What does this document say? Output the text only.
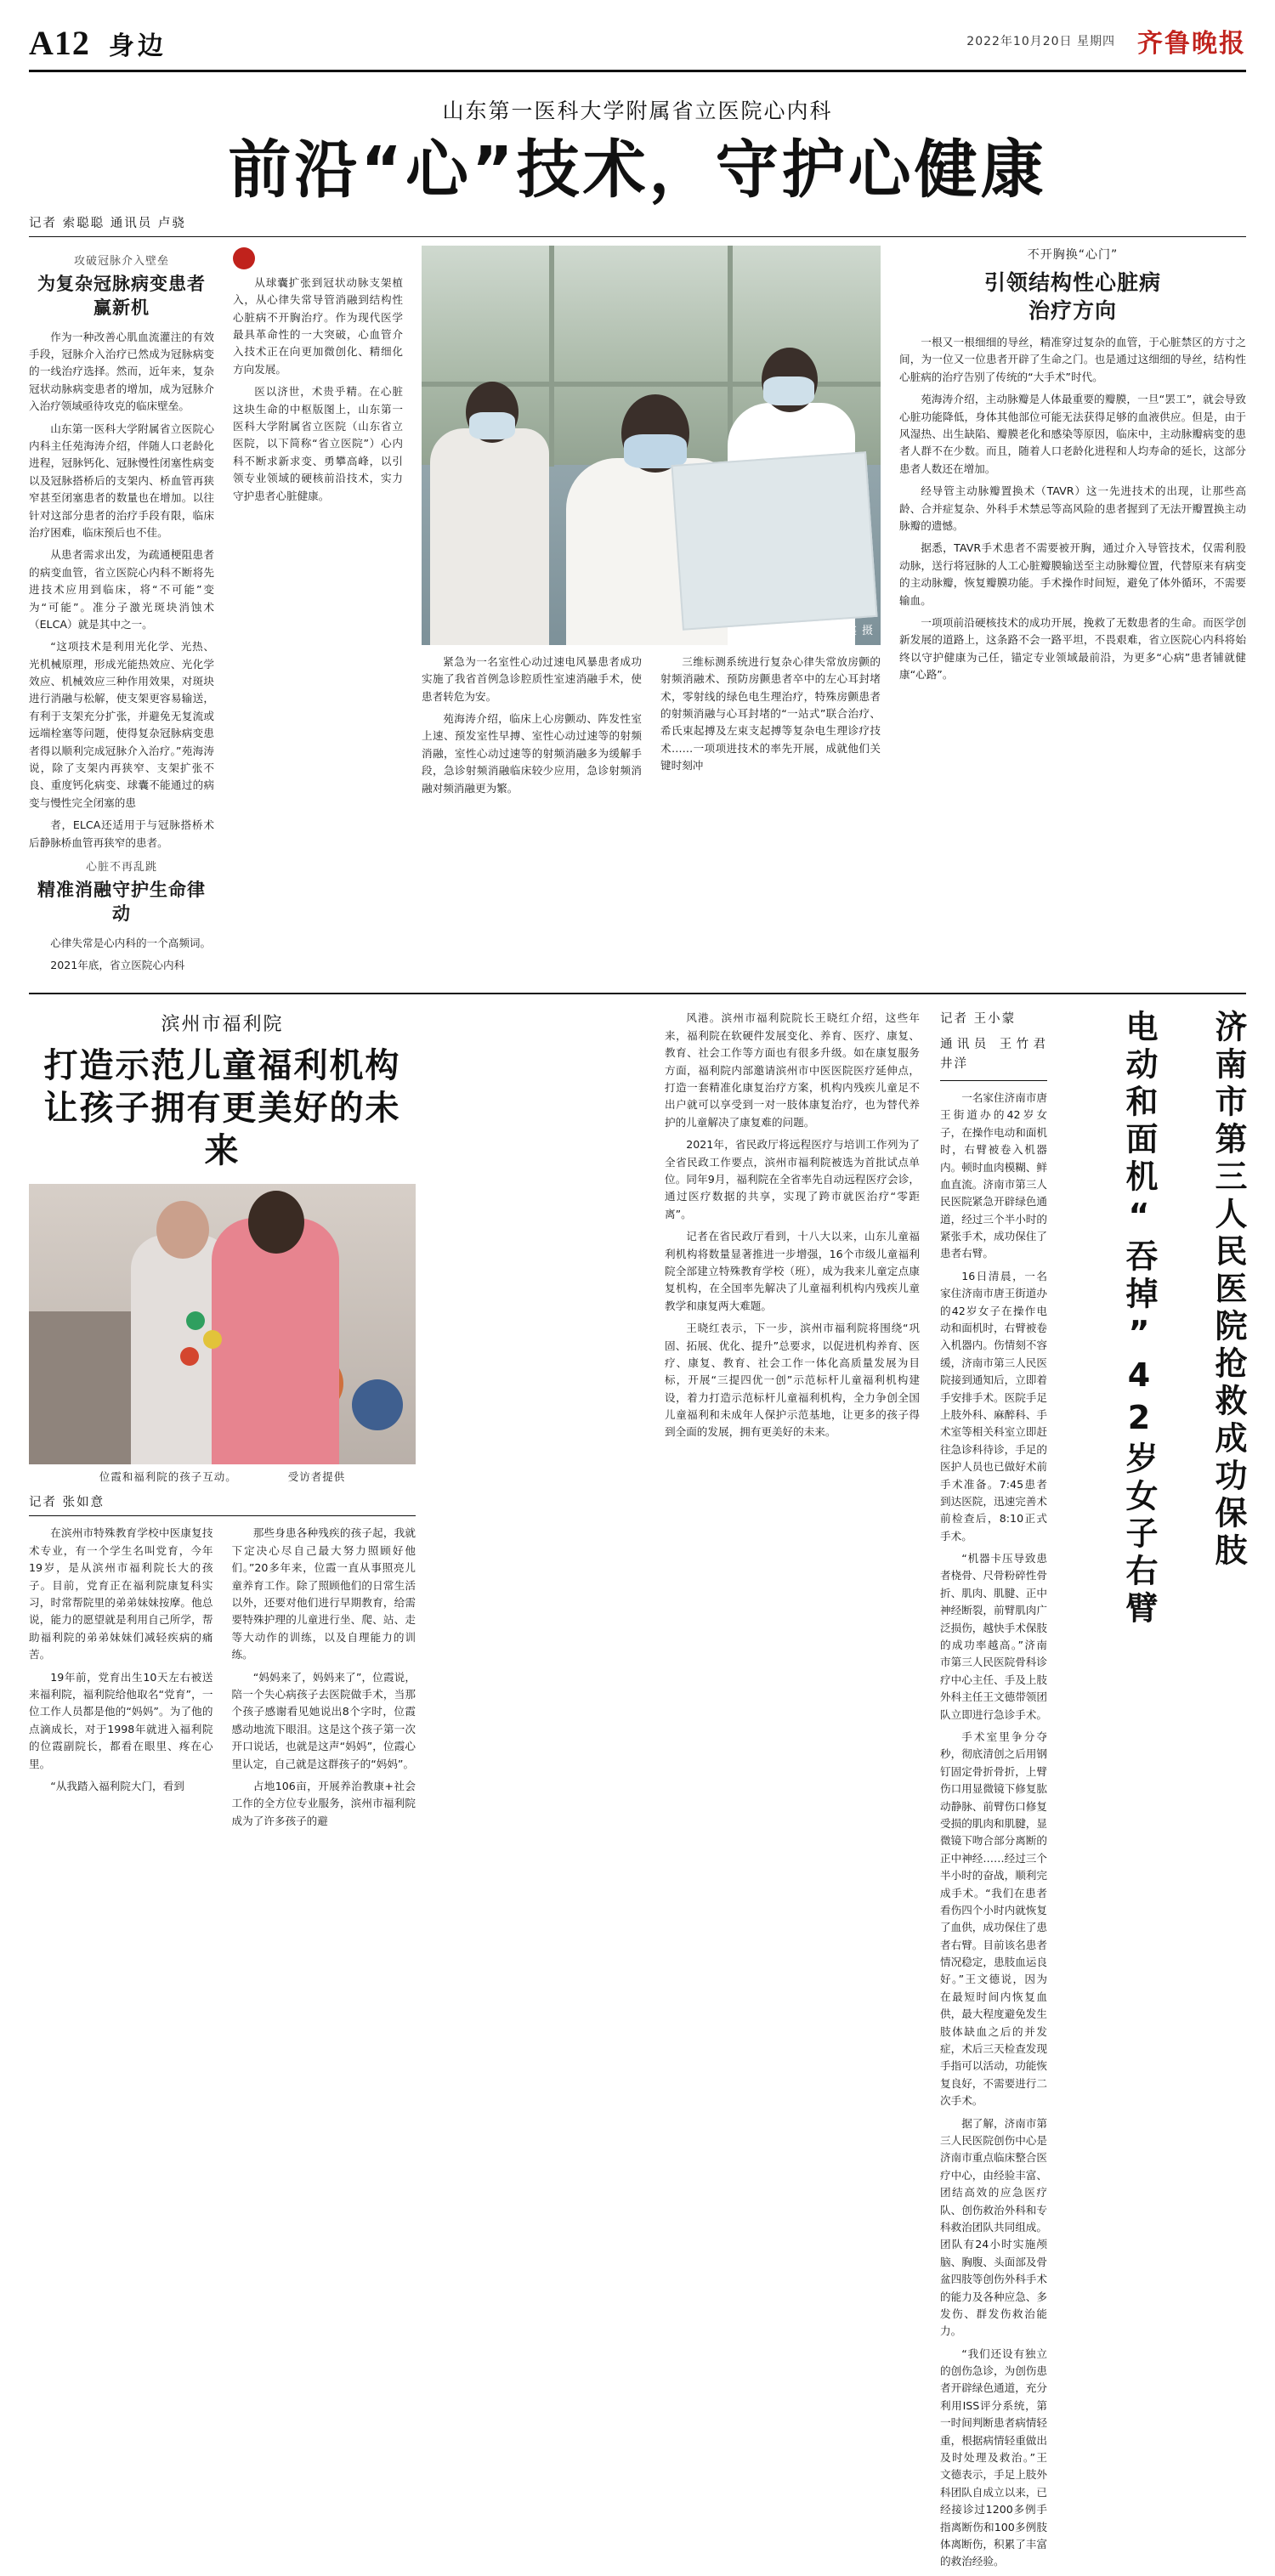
A12 身边	2022年10月20日 星期四 齐鲁晚报
山东第一医科大学附属省立医院心内科
前沿“心”技术，守护心健康
记者 索聪聪 通讯员 卢骁
攻破冠脉介入壁垒
为复杂冠脉病变患者
赢新机

作为一种改善心肌血流灌注的有效手段，冠脉介入治疗已然成为冠脉病变的一线治疗选择。然而，近年来，复杂冠状动脉病变患者的增加，成为冠脉介入治疗领域亟待攻克的临床壁垒。

山东第一医科大学附属省立医院心内科主任苑海涛介绍，伴随人口老龄化进程，冠脉钙化、冠脉慢性闭塞性病变以及冠脉搭桥后的支架内、桥血管再狭窄甚至闭塞患者的数量也在增加。以往针对这部分患者的治疗手段有限，临床治疗困难，临床预后也不佳。

从患者需求出发，为疏通梗阻患者的病变血管，省立医院心内科不断将先进技术应用到临床，将“不可能”变为“可能”。准分子激光斑块消蚀术（ELCA）就是其中之一。

“这项技术是利用光化学、光热、光机械原理，形成光能热效应、光化学效应、机械效应三种作用效果，对斑块进行消融与松解，使支架更容易输送，有利于支架充分扩张，并避免无复流或远端栓塞等问题，使得复杂冠脉病变患者得以顺利完成冠脉介入治疗。”苑海涛说，除了支架内再狭窄、支架扩张不良、重度钙化病变、球囊不能通过的病变与慢性完全闭塞的患

者，ELCA还适用于与冠脉搭桥术后静脉桥血管再狭窄的患者。

心脏不再乱跳
精准消融守护生命律动

心律失常是心内科的一个高频词。

2021年底，省立医院心内科

从球囊扩张到冠状动脉支架植入，从心律失常导管消融到结构性心脏病不开胸治疗。作为现代医学最具革命性的一大突破，心血管介入技术正在向更加微创化、精细化方向发展。

医以济世，术贵乎精。在心脏这块生命的中枢版图上，山东第一医科大学附属省立医院（山东省立医院，以下简称“省立医院”）心内科不断求新求变、勇攀高峰，以引领专业领域的硬核前沿技术，实力守护患者心脏健康。

记者 王鑫 摄

紧急为一名室性心动过速电风暴患者成功实施了我省首例急诊腔质性室速消融手术，使患者转危为安。

苑海涛介绍，临床上心房颤动、阵发性室上速、预发室性早搏、室性心动过速等的射频消融，室性心动过速等的射频消融多为缓解手段，急诊射频消融临床较少应用，急诊射频消融对频消融更为繁。

三维标测系统进行复杂心律失常放房颤的射频消融术、预防房颤患者卒中的左心耳封堵术，零射线的绿色电生理治疗，特殊房颤患者的射频消融与心耳封堵的“一站式”联合治疗、希氏束起搏及左束支起搏等复杂电生理诊疗技术……一项项进技术的率先开展，成就他们关键时刻冲

不开胸换“心门”
引领结构性心脏病
治疗方向

一根又一根细细的导丝，精准穿过复杂的血管，于心脏禁区的方寸之间，为一位又一位患者开辟了生命之门。也是通过这细细的导丝，结构性心脏病的治疗告别了传统的“大手术”时代。

苑海涛介绍，主动脉瓣是人体最重要的瓣膜，一旦“罢工”，就会导致心脏功能降低，身体其他部位可能无法获得足够的血液供应。但是，由于风湿热、出生缺陷、瓣膜老化和感染等原因，临床中，主动脉瓣病变的患者人群不在少数。而且，随着人口老龄化进程和人均寿命的延长，这部分患者人数还在增加。

经导管主动脉瓣置换术（TAVR）这一先进技术的出现，让那些高龄、合并症复杂、外科手术禁忌等高风险的患者握到了无法开瓣置换主动脉瓣的遗憾。

据悉，TAVR手术患者不需要被开胸，通过介入导管技术，仅需利股动脉，送行将冠脉的人工心脏瓣膜输送至主动脉瓣位置，代替原来有病变的主动脉瓣，恢复瓣膜功能。手术操作时间短，避免了体外循环，不需要输血。

一项项前沿硬核技术的成功开展，挽救了无数患者的生命。而医学创新发展的道路上，这条路不会一路平坦，不畏艰难，省立医院心内科将始终以守护健康为己任，锚定专业领域最前沿，为更多“心病”患者铺就健康“心路”。

滨州市福利院
打造示范儿童福利机构
让孩子拥有更美好的未来
位霞和福利院的孩子互动。	受访者提供
记者 张如意

在滨州市特殊教育学校中医康复技术专业，有一个学生名叫党育，今年19岁，是从滨州市福利院长大的孩子。目前，党育正在福利院康复科实习，时常帮院里的弟弟妹妹按摩。他总说，能力的愿望就是利用自己所学，帮助福利院的弟弟妹妹们减轻疾病的痛苦。

19年前，党育出生10天左右被送来福利院，福利院给他取名“党育”，一位工作人员都是他的“妈妈”。为了他的点滴成长，对于1998年就进入福利院的位霞副院长，都看在眼里、疼在心里。

“从我踏入福利院大门，看到

那些身患各种残疾的孩子起，我就下定决心尽自己最大努力照顾好他们。”20多年来，位霞一直从事照亮儿童养育工作。除了照顾他们的日常生活以外，还要对他们进行早期教育，给需要特殊护理的儿童进行坐、爬、站、走等大动作的训练，以及自理能力的训练。

“妈妈来了，妈妈来了”，位霞说，陪一个失心病孩子去医院做手术，当那个孩子感谢看见她说出8个字时，位霞感动地流下眼泪。这是这个孩子第一次开口说话，也就是这声“妈妈”，位霞心里认定，自己就是这群孩子的“妈妈”。

占地106亩，开展养治教康+社会工作的全方位专业服务，滨州市福利院成为了许多孩子的避

风港。滨州市福利院院长王晓红介绍，这些年来，福利院在软硬件发展变化、养育、医疗、康复、教育、社会工作等方面也有很多升级。如在康复服务方面，福利院内部邀请滨州市中医医院医疗延伸点，打造一套精准化康复治疗方案，机构内残疾儿童足不出户就可以享受到一对一肢体康复治疗，也为替代养护的儿童解决了康复难的问题。

2021年，省民政厅将远程医疗与培训工作列为了全省民政工作要点，滨州市福利院被选为首批试点单位。同年9月，福利院在全省率先自动远程医疗会诊，通过医疗数据的共享，实现了跨市就医治疗“零距离”。

记者在省民政厅看到，十八大以来，山东儿童福利机构将数量显著推进一步增强，16个市级儿童福利院全部建立特殊教育学校（班），成为我来儿童定点康复机构，在全国率先解决了儿童福利机构内残疾儿童教学和康复两大难题。

王晓红表示，下一步，滨州市福利院将围绕“巩固、拓展、优化、提升”总要求，以促进机构养育、医疗、康复、教育、社会工作一体化高质量发展为目标，开展“三提四优一创”示范标杆儿童福利机构建设，着力打造示范标杆儿童福利机构，全力争创全国儿童福利和未成年人保护示范基地，让更多的孩子得到全面的发展，拥有更美好的未来。

记者 王小蒙
通讯员 王竹君 井洋

一名家住济南市唐王街道办的42岁女子，在操作电动和面机时，右臂被卷入机器内。顿时血肉模糊、鲜血直流。济南市第三人民医院紧急开辟绿色通道，经过三个半小时的紧张手术，成功保住了患者右臂。

16日清晨，一名家住济南市唐王街道办的42岁女子在操作电动和面机时，右臂被卷入机器内。伤情刻不容缓，济南市第三人民医院接到通知后，立即着手安排手术。医院手足上肢外科、麻醉科、手术室等相关科室立即赶往急诊科待诊，手足的医护人员也已做好术前手术准备。7:45患者到达医院，迅速完善术前检查后，8:10正式手术。

“机器卡压导致患者桡骨、尺骨粉碎性骨折、肌肉、肌腱、正中神经断裂，前臂肌肉广泛损伤，越快手术保肢的成功率越高。”济南市第三人民医院骨科诊疗中心主任、手及上肢外科主任王文德带领团队立即进行急诊手术。

手术室里争分夺秒，彻底清创之后用钢钉固定骨折骨折，上臂伤口用显微镜下修复肱动静脉、前臂伤口修复受损的肌肉和肌腱，显微镜下吻合部分离断的正中神经……经过三个半小时的奋战，顺利完成手术。“我们在患者看伤四个小时内就恢复了血供，成功保住了患者右臂。目前该名患者情况稳定，患肢血运良好。”王文德说，因为在最短时间内恢复血供，最大程度避免发生肢体缺血之后的并发症，术后三天检查发现手指可以活动，功能恢复良好，不需要进行二次手术。

据了解，济南市第三人民医院创伤中心是济南市重点临床整合医疗中心，由经验丰富、团结高效的应急医疗队、创伤救治外科和专科救治团队共同组成。团队有24小时实施颅脑、胸腹、头面部及骨盆四肢等创伤外科手术的能力及各种应急、多发伤、群发伤救治能力。

“我们还设有独立的创伤急诊，为创伤患者开辟绿色通道，充分利用ISS评分系统，第一时间判断患者病情轻重，根据病情轻重做出及时处理及救治。”王文德表示，手足上肢外科团队自成立以来，已经接诊过1200多例手指离断伤和100多例肢体离断伤，积累了丰富的救治经验。

电动和面机“吞掉”42岁女子右臂 济南市第三人民医院抢救成功保肢
